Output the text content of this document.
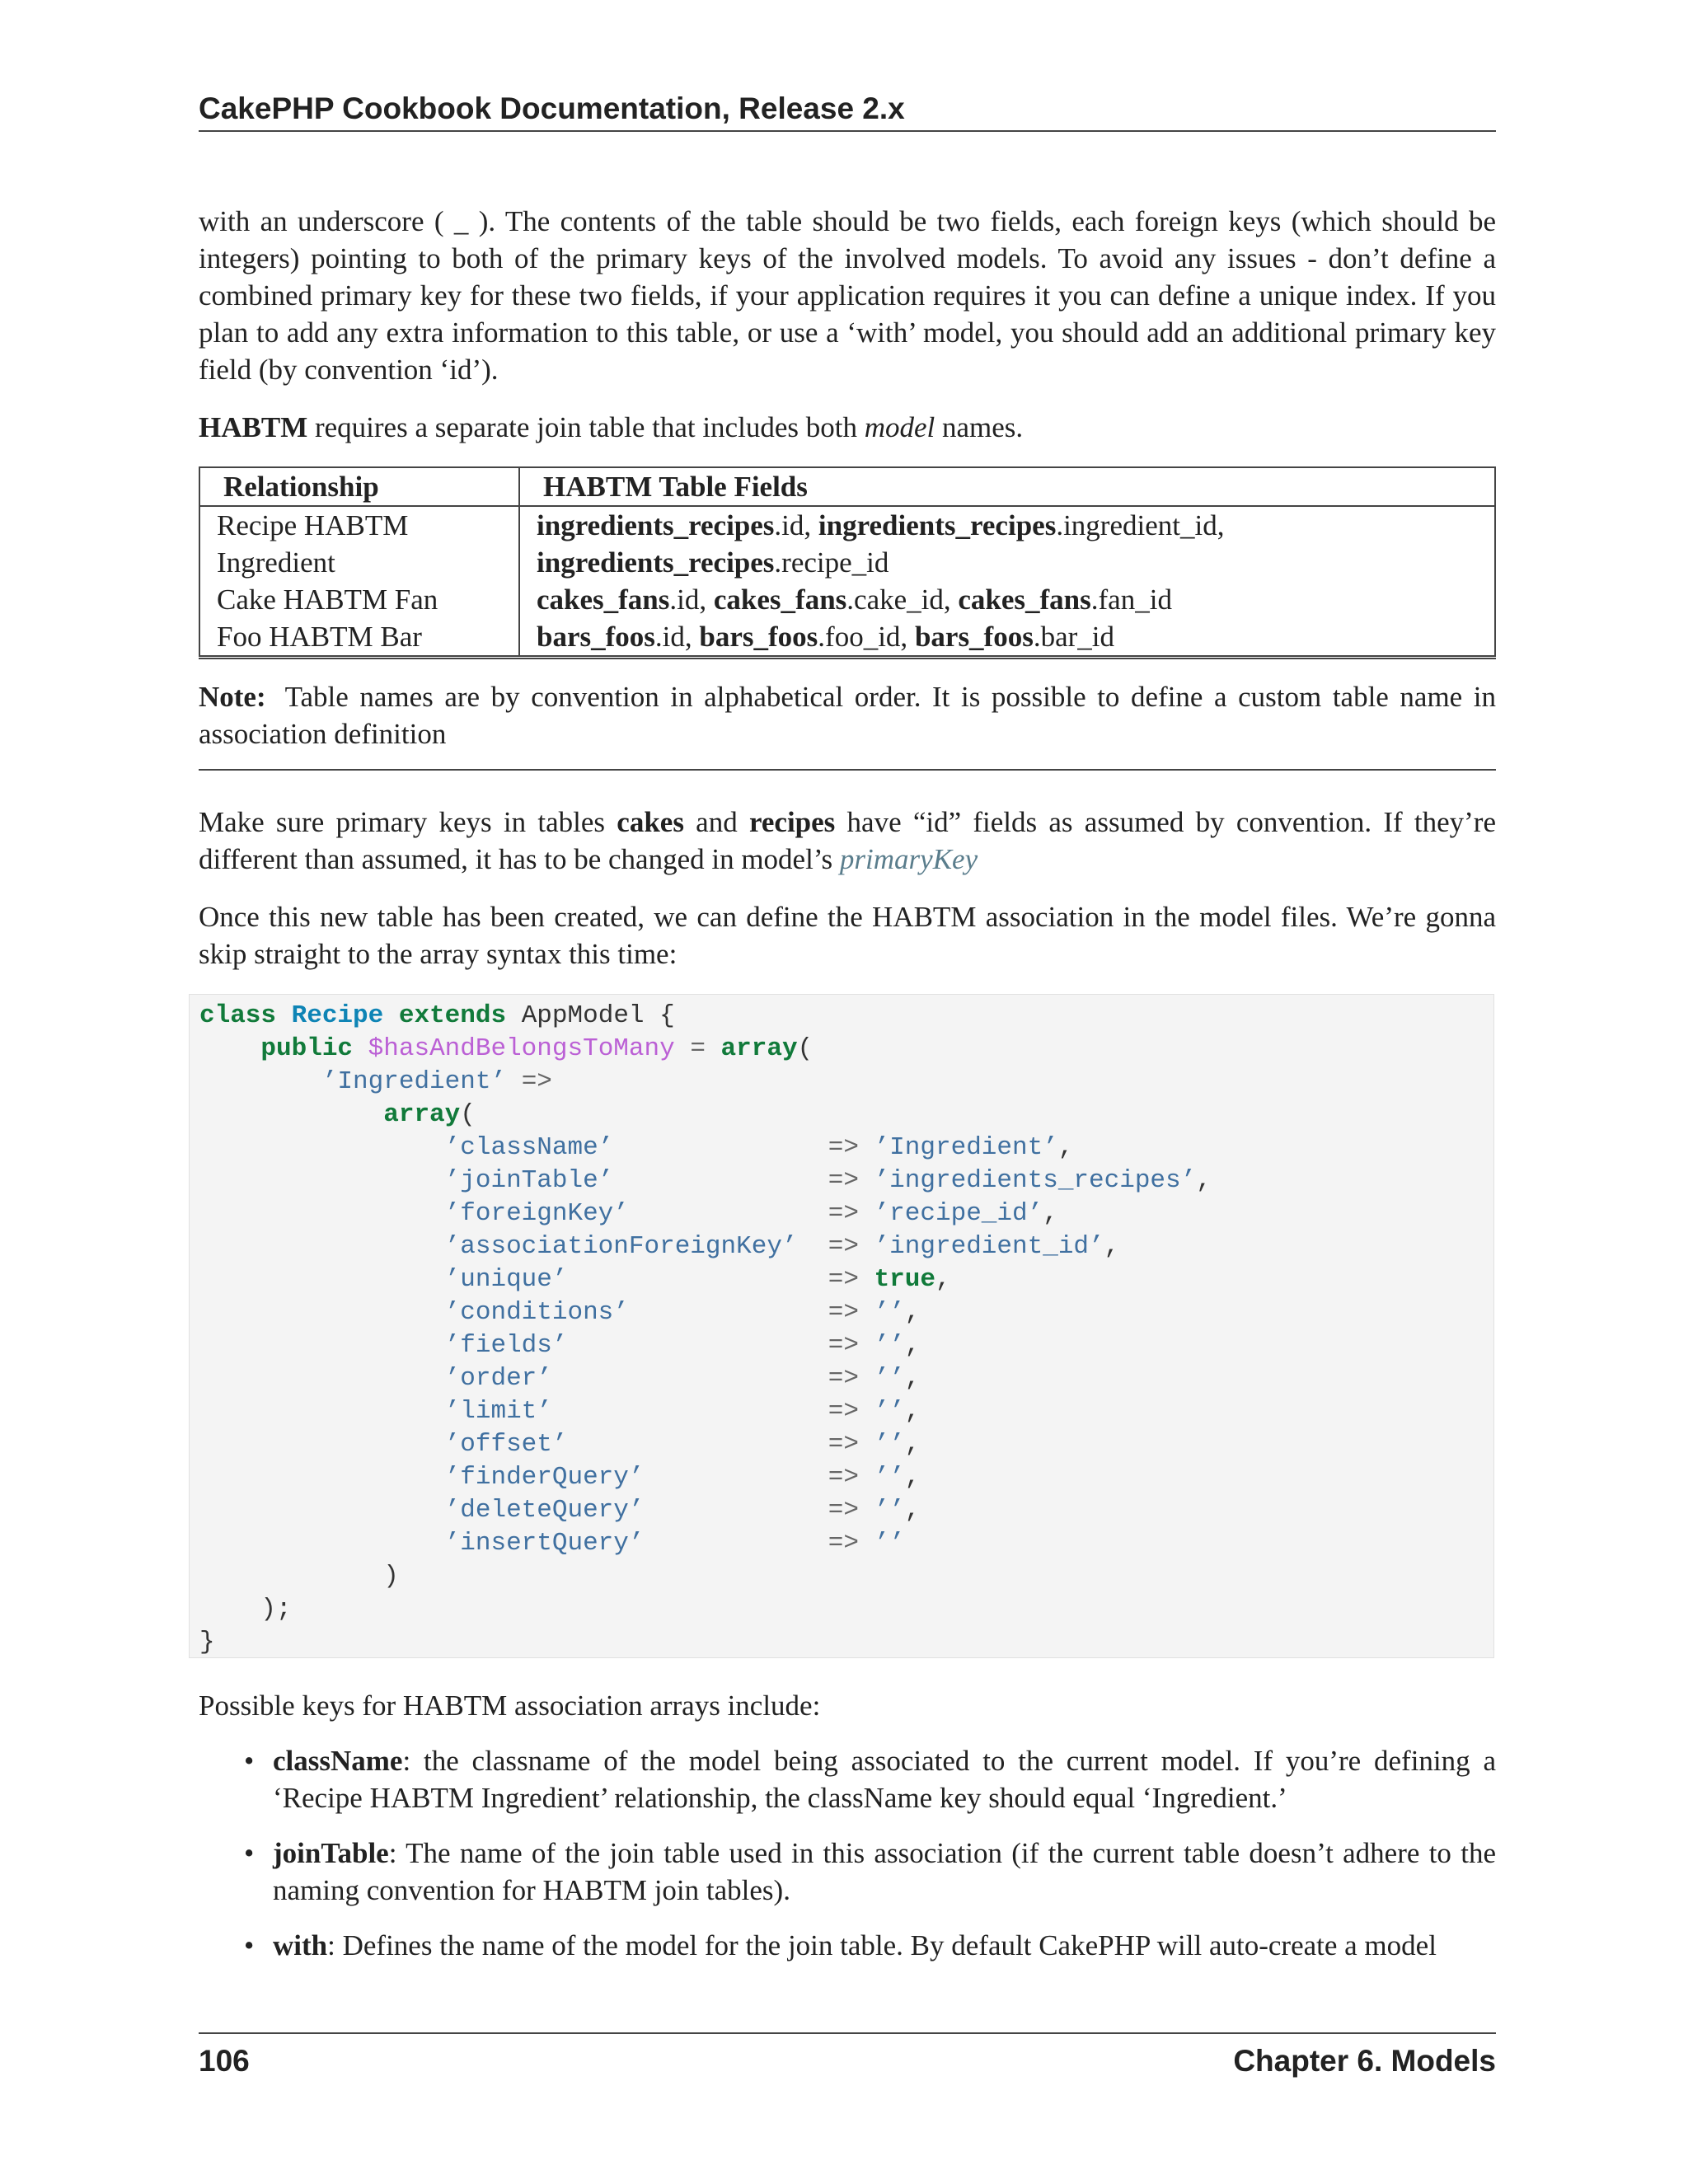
CakePHP Cookbook Documentation, Release 2.x

with an underscore ( _ ). The contents of the table should be two fields, each foreign keys (which should be integers) pointing to both of the primary keys of the involved models. To avoid any issues - don’t define a combined primary key for these two fields, if your application requires it you can define a unique index. If you plan to add any extra information to this table, or use a ‘with’ model, you should add an additional primary key field (by convention ‘id’).

HABTM requires a separate join table that includes both model names.

Relationship	HABTM Table Fields
Recipe HABTM Ingredient	ingredients_recipes.id, ingredients_recipes.ingredient_id,
ingredients_recipes.recipe_id
Cake HABTM Fan	cakes_fans.id, cakes_fans.cake_id, cakes_fans.fan_id
Foo HABTM Bar	bars_foos.id, bars_foos.foo_id, bars_foos.bar_id

Note: Table names are by convention in alphabetical order. It is possible to define a custom table name in association definition

Make sure primary keys in tables cakes and recipes have “id” fields as assumed by convention. If they’re different than assumed, it has to be changed in model’s primaryKey

Once this new table has been created, we can define the HABTM association in the model files. We’re gonna skip straight to the array syntax this time:

class Recipe extends AppModel {
public $hasAndBelongsToMany = array(
’Ingredient’ =>
array(
’className’	=> ’Ingredient’,
’joinTable’	=> ’ingredients_recipes’,
’foreignKey’	=> ’recipe_id’,
’associationForeignKey’ => ’ingredient_id’,
’unique’	=> true,
’conditions’	=> ’’,
’fields’	=> ’’,
’order’	=> ’’,
’limit’	=> ’’,
’offset’	=> ’’,
’finderQuery’	=> ’’,
’deleteQuery’	=> ’’,
’insertQuery’	=> ’’
)
);
}

Possible keys for HABTM association arrays include:

• className: the classname of the model being associated to the current model. If you’re defining a ‘Recipe HABTM Ingredient’ relationship, the className key should equal ‘Ingredient.’
• joinTable: The name of the join table used in this association (if the current table doesn’t adhere to the naming convention for HABTM join tables).
• with: Defines the name of the model for the join table. By default CakePHP will auto-create a model
106	Chapter 6. Models
